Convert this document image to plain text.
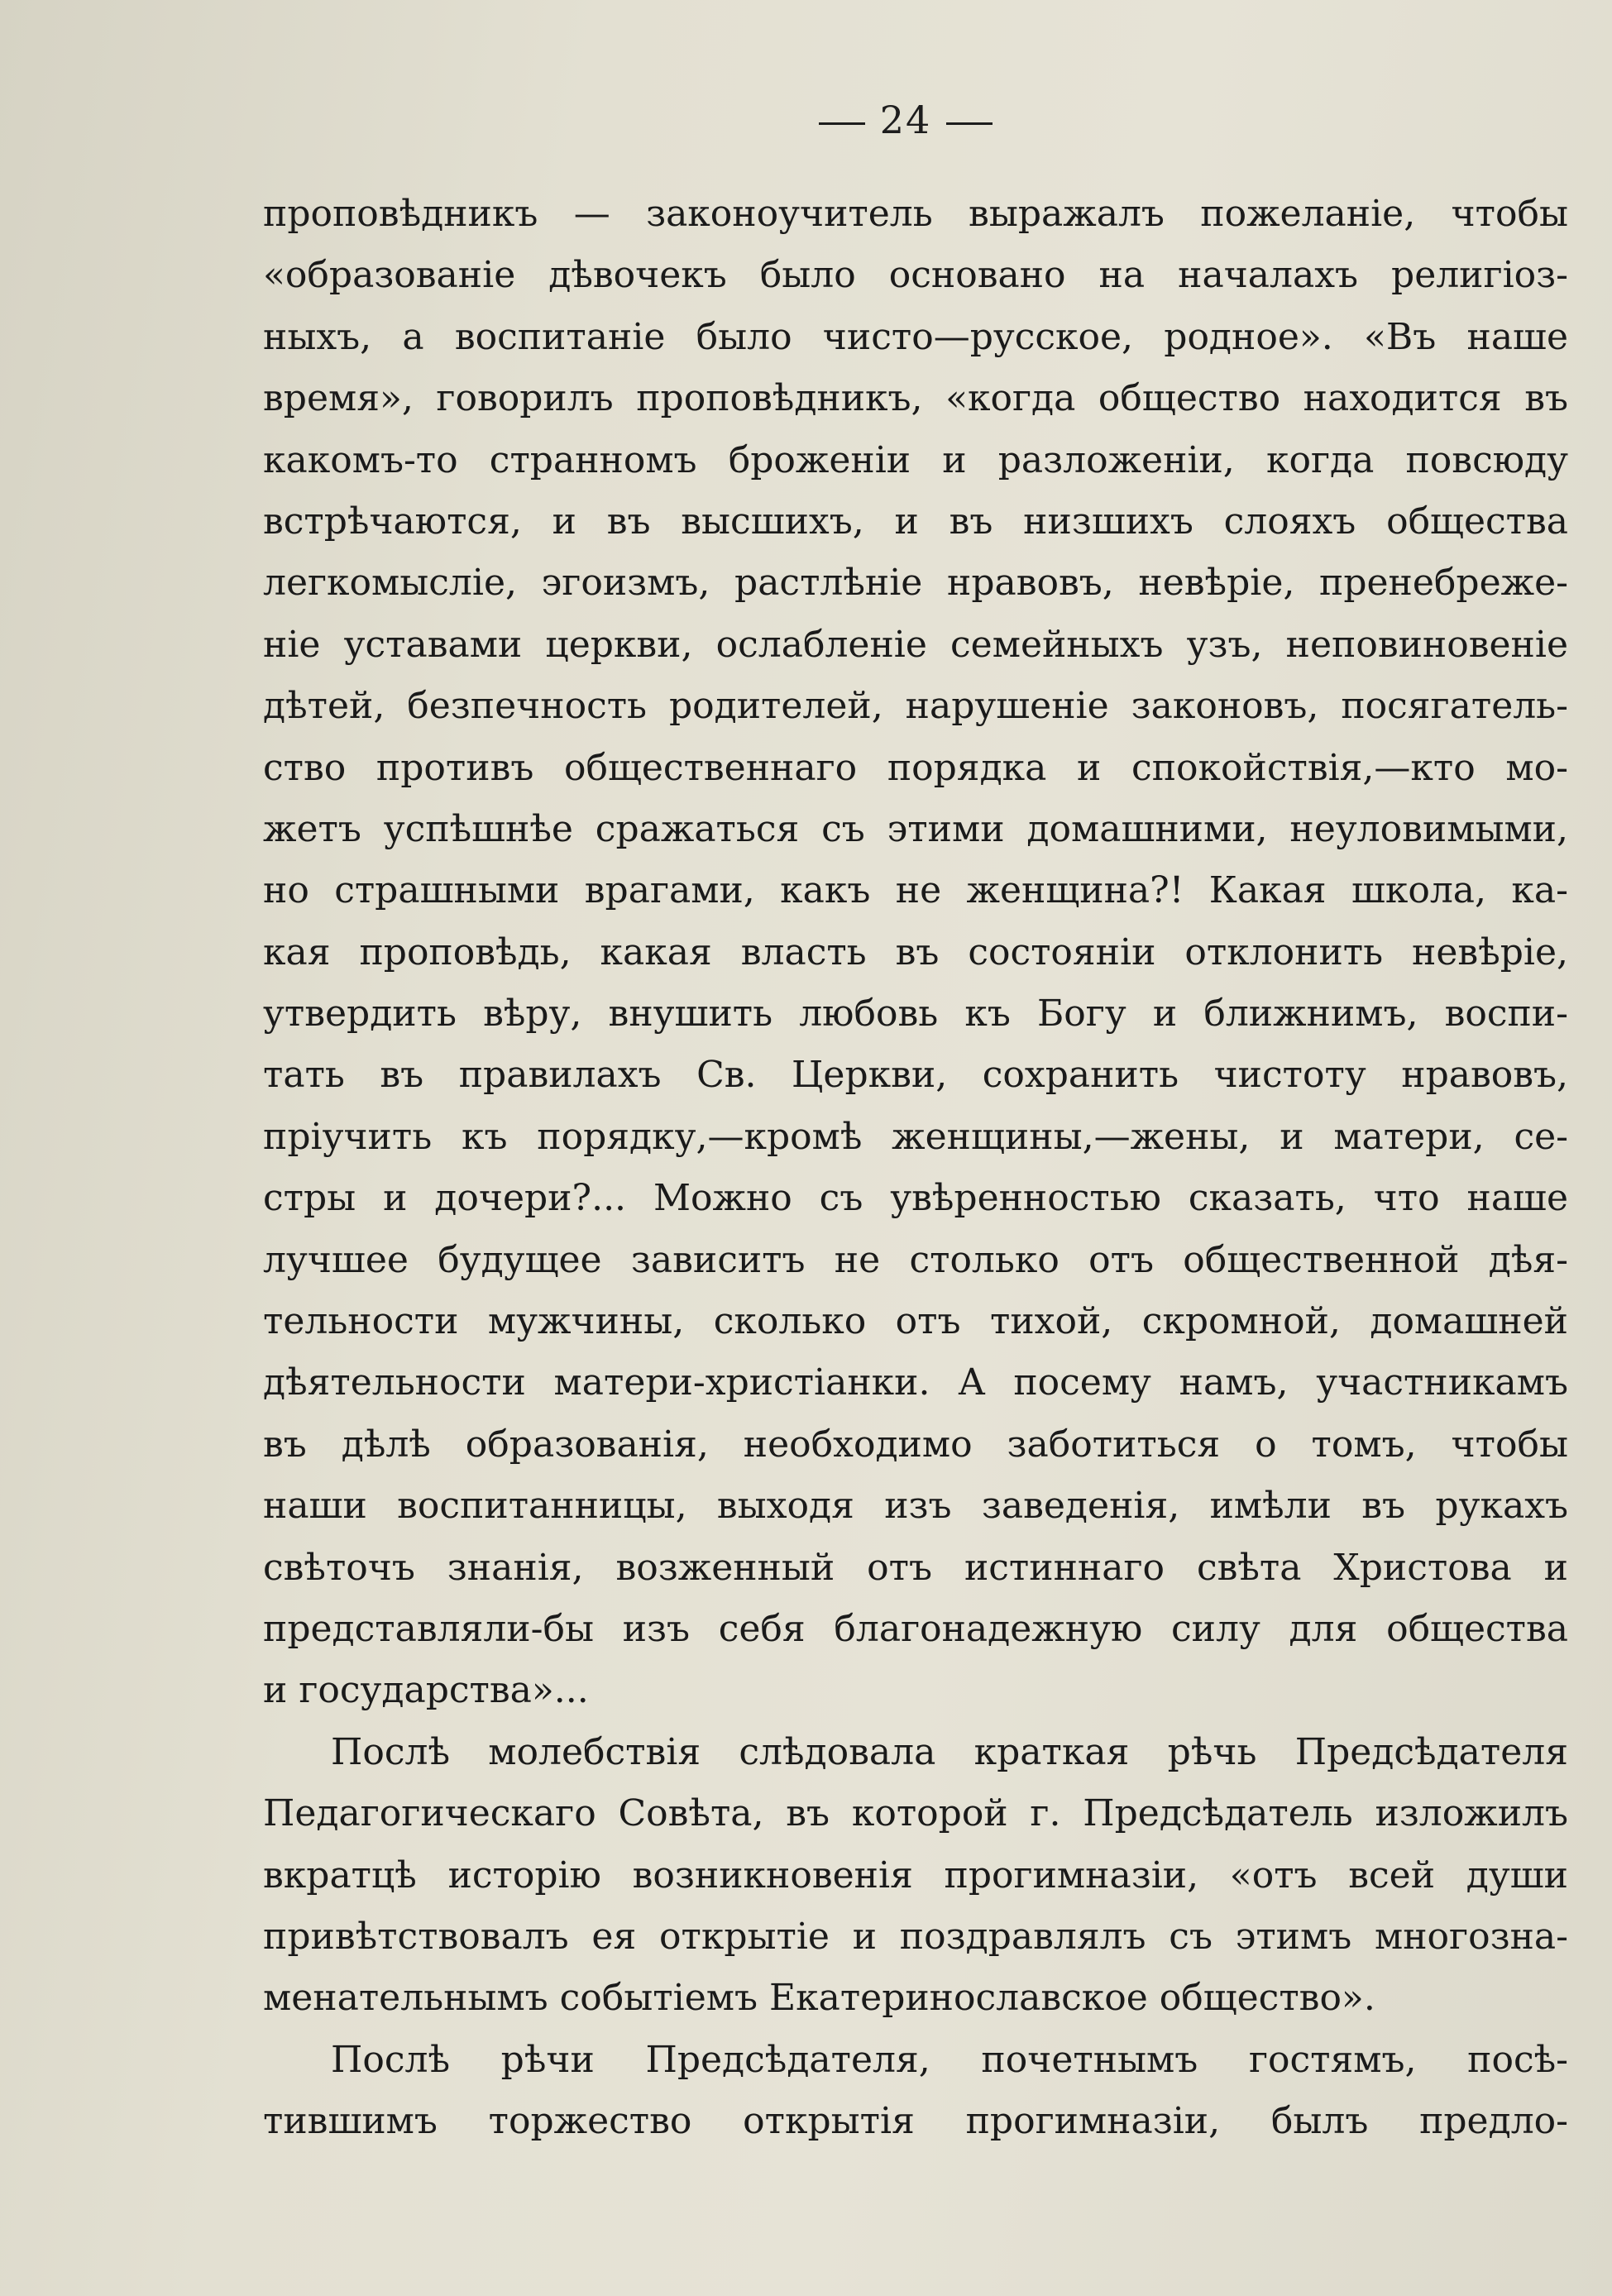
24
проповѣдникъ — законоучитель выражалъ пожеланіе, чтобы
«образованіе дѣвочекъ было основано на началахъ религіоз-
ныхъ, а воспитаніе было чисто—русское, родное». «Въ наше
время», говорилъ проповѣдникъ, «когда общество находится въ
какомъ-то странномъ броженіи и разложеніи, когда повсюду
встрѣчаются, и въ высшихъ, и въ низшихъ слояхъ общества
легкомысліе, эгоизмъ, растлѣніе нравовъ, невѣріе, пренебреже-
ніе уставами церкви, ослабленіе семейныхъ узъ, неповиновеніе
дѣтей, безпечность родителей, нарушеніе законовъ, посягатель-
ство противъ общественнаго порядка и спокойствія,—кто мо-
жетъ успѣшнѣе сражаться съ этими домашними, неуловимыми,
но страшными врагами, какъ не женщина?! Какая школа, ка-
кая проповѣдь, какая власть въ состояніи отклонить невѣріе,
утвердить вѣру, внушить любовь къ Богу и ближнимъ, воспи-
тать въ правилахъ Св. Церкви, сохранить чистоту нравовъ,
пріучить къ порядку,—кромѣ женщины,—жены, и матери, се-
стры и дочери?... Можно съ увѣренностью сказать, что наше
лучшее будущее зависитъ не столько отъ общественной дѣя-
тельности мужчины, сколько отъ тихой, скромной, домашней
дѣятельности матери-христіанки. А посему намъ, участникамъ
въ дѣлѣ образованія, необходимо заботиться о томъ, чтобы
наши воспитанницы, выходя изъ заведенія, имѣли въ рукахъ
свѣточъ знанія, возженный отъ истиннаго свѣта Христова и
представляли-бы изъ себя благонадежную силу для общества
и государства»...
Послѣ молебствія слѣдовала краткая рѣчь Предсѣдателя
Педагогическаго Совѣта, въ которой г. Предсѣдатель изложилъ
вкратцѣ исторію возникновенія прогимназіи, «отъ всей души
привѣтствовалъ ея открытіе и поздравлялъ съ этимъ многозна-
менательнымъ событіемъ Екатеринославское общество».
Послѣ рѣчи Предсѣдателя, почетнымъ гостямъ, посѣ-
тившимъ торжество открытія прогимназіи, былъ предло-
